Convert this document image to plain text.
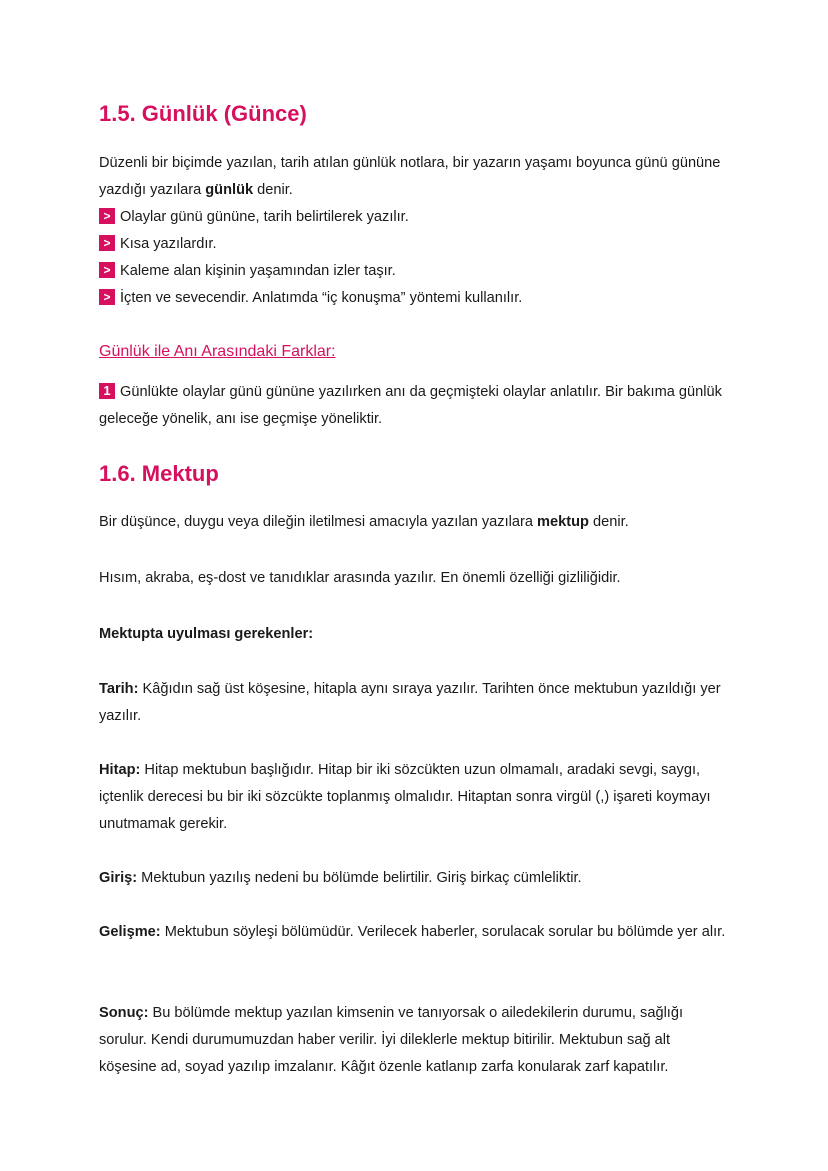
1.5. Günlük (Günce)

Düzenli bir biçimde yazılan, tarih atılan günlük notlara, bir yazarın yaşamı boyunca günü gününe yazdığı yazılara günlük denir.

> Olaylar günü gününe, tarih belirtilerek yazılır.
> Kısa yazılardır.
> Kaleme alan kişinin yaşamından izler taşır.
> İçten ve sevecendir. Anlatımda “iç konuşma” yöntemi kullanılır.
Günlük ile Anı Arasındaki Farklar:

1 Günlükte olaylar günü gününe yazılırken anı da geçmişteki olaylar anlatılır. Bir bakıma günlük geleceğe yönelik, anı ise geçmişe yöneliktir.

1.6. Mektup

Bir düşünce, duygu veya dileğin iletilmesi amacıyla yazılan yazılara mektup denir.

Hısım, akraba, eş-dost ve tanıdıklar arasında yazılır. En önemli özelliği gizliliğidir.

Mektupta uyulması gerekenler:

Tarih: Kâğıdın sağ üst köşesine, hitapla aynı sıraya yazılır. Tarihten önce mektubun yazıldığı yer yazılır.

Hitap: Hitap mektubun başlığıdır. Hitap bir iki sözcükten uzun olmamalı, aradaki sevgi, saygı, içtenlik derecesi bu bir iki sözcükte toplanmış olmalıdır. Hitaptan sonra virgül (,) işareti koymayı unutmamak gerekir.

Giriş: Mektubun yazılış nedeni bu bölümde belirtilir. Giriş birkaç cümleliktir.

Gelişme: Mektubun söyleşi bölümüdür. Verilecek haberler, sorulacak sorular bu bölümde yer alır.

Sonuç: Bu bölümde mektup yazılan kimsenin ve tanıyorsak o ailedekilerin durumu, sağlığı sorulur. Kendi durumumuzdan haber verilir. İyi dileklerle mektup bitirilir. Mektubun sağ alt köşesine ad, soyad yazılıp imzalanır. Kâğıt özenle katlanıp zarfa konularak zarf kapatılır.
